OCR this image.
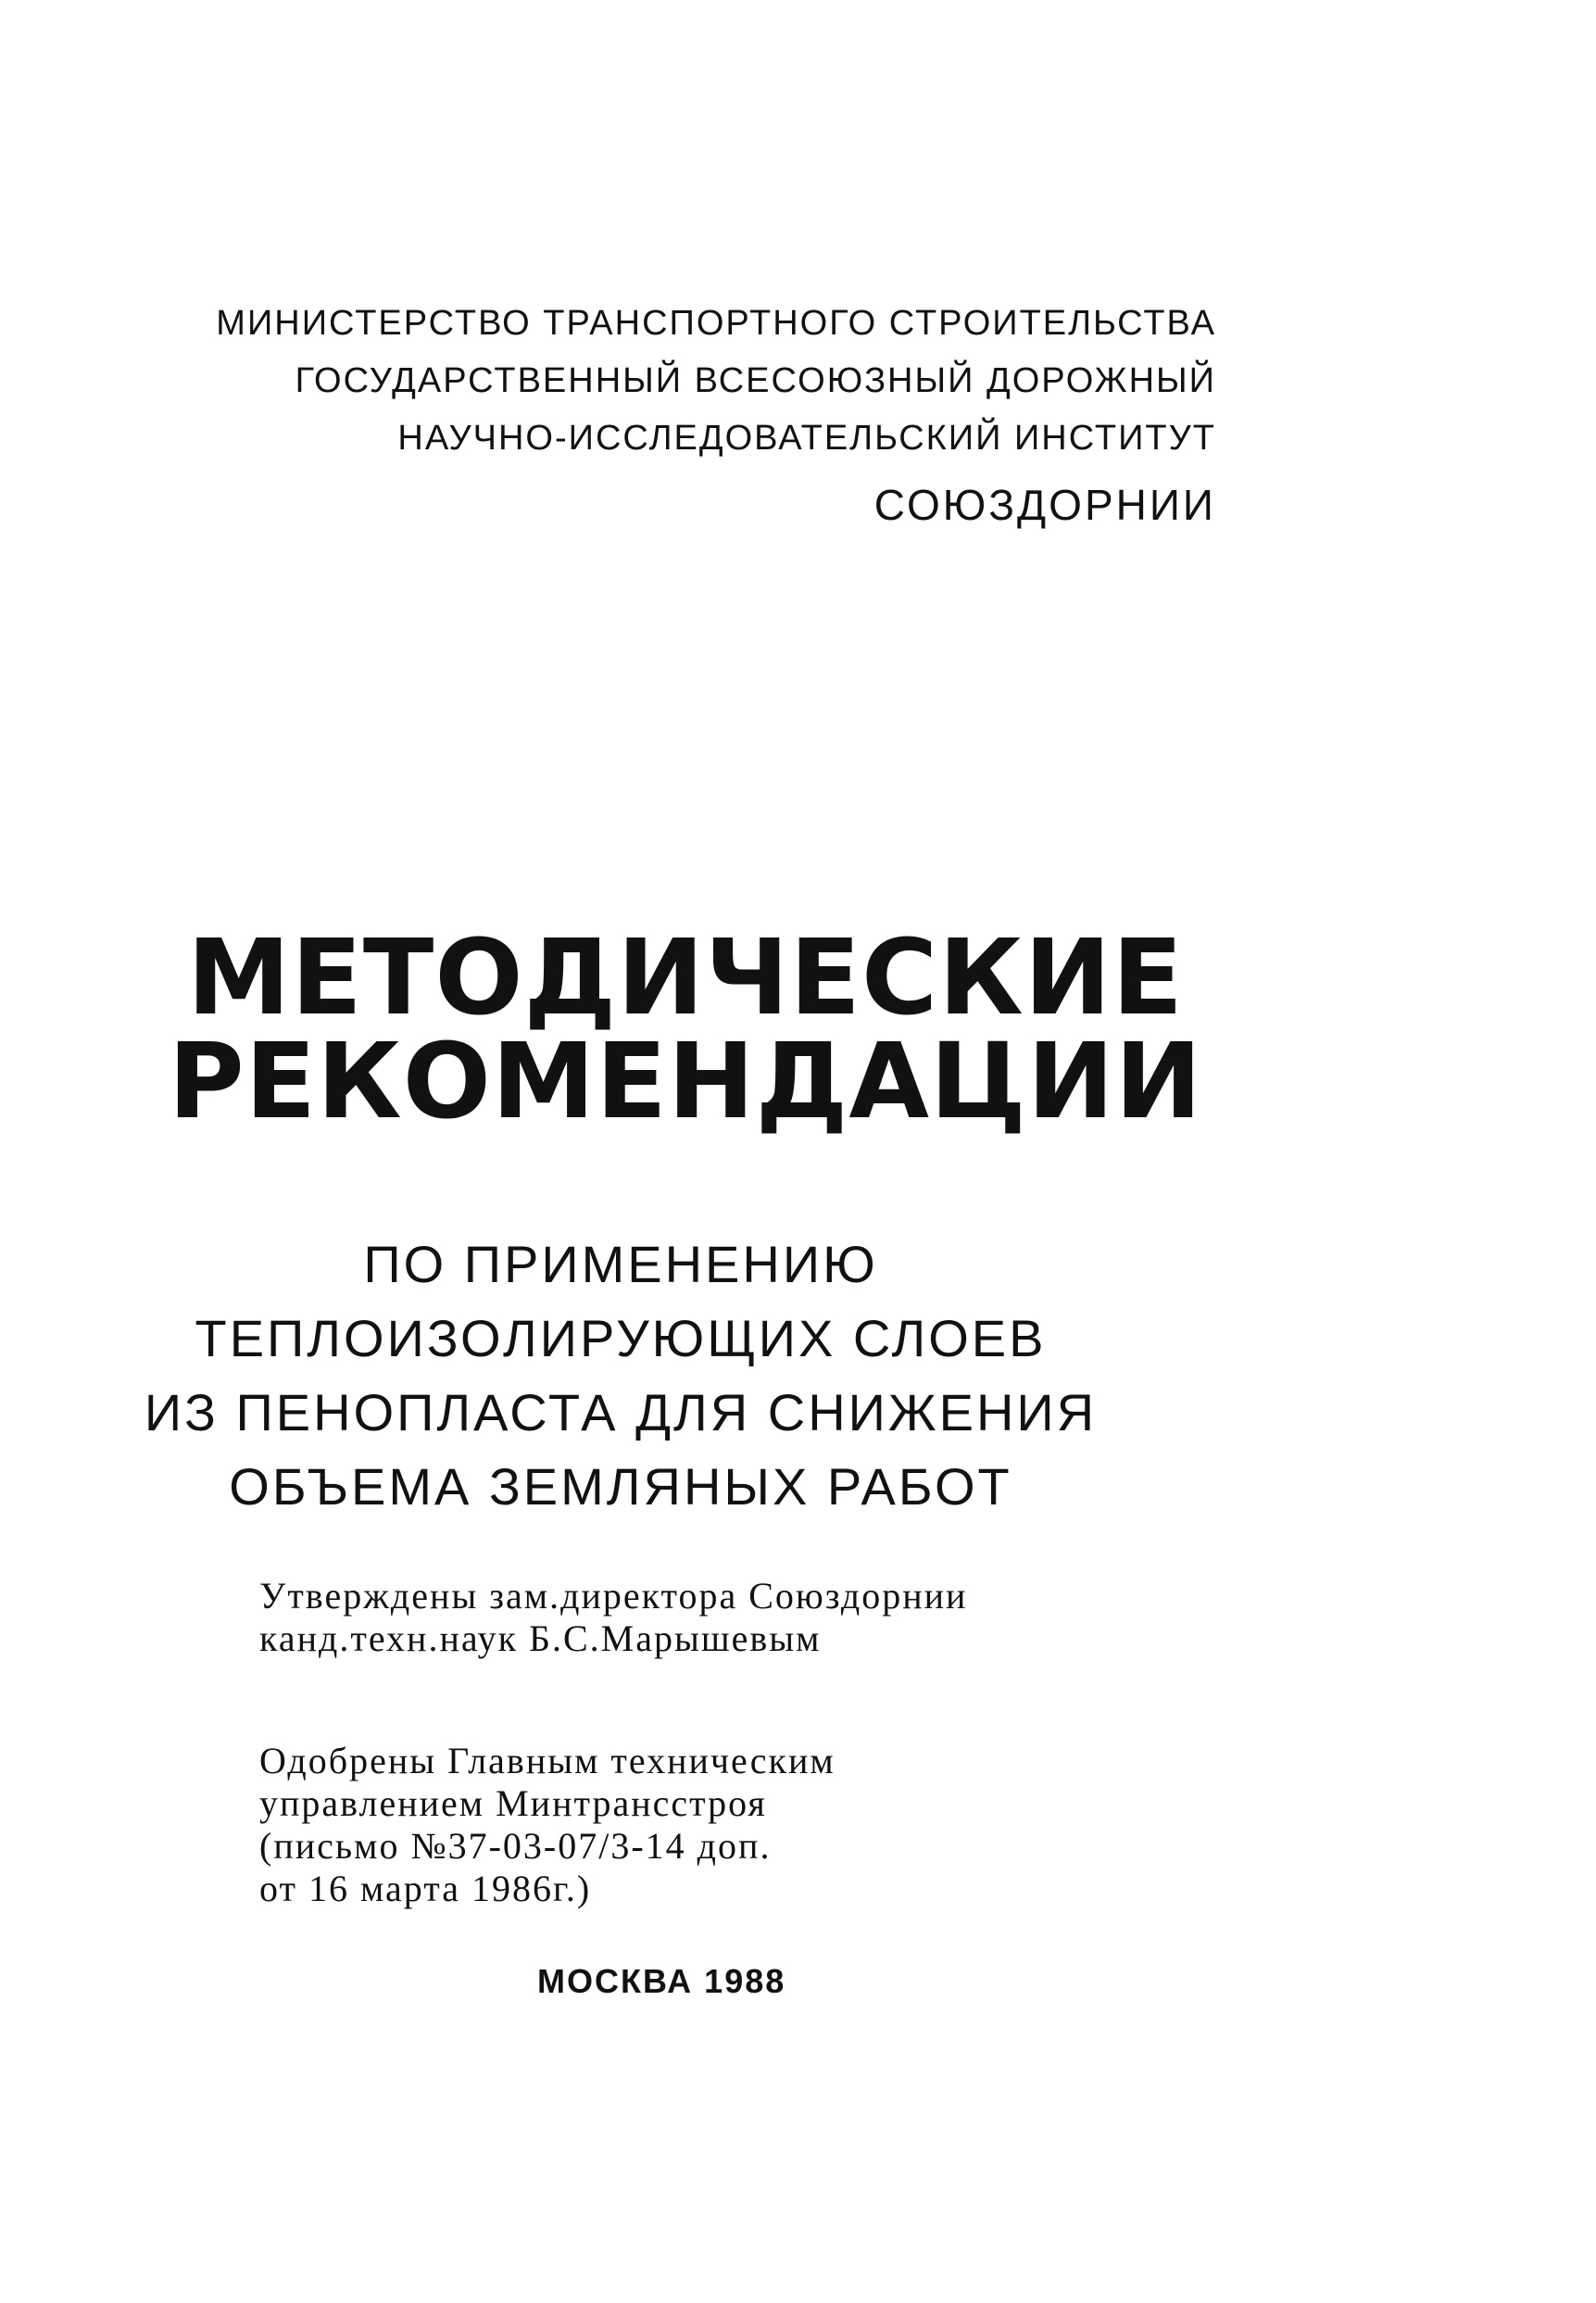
МИНИСТЕРСТВО ТРАНСПОРТНОГО СТРОИТЕЛЬСТВА
ГОСУДАРСТВЕННЫЙ ВСЕСОЮЗНЫЙ ДОРОЖНЫЙ
НАУЧНО-ИССЛЕДОВАТЕЛЬСКИЙ ИНСТИТУТ
СОЮЗДОРНИИ
МЕТОДИЧЕСКИЕ
РЕКОМЕНДАЦИИ
ПО ПРИМЕНЕНИЮ
ТЕПЛОИЗОЛИРУЮЩИХ СЛОЕВ
ИЗ ПЕНОПЛАСТА ДЛЯ СНИЖЕНИЯ
ОБЪЕМА ЗЕМЛЯНЫХ РАБОТ
Утверждены зам.директора Союздорнии
канд.техн.наук Б.С.Марышевым
Одобрены Главным техническим
управлением Минтрансстроя
(письмо №37-03-07/3-14 доп.
от 16 марта 1986г.)
МОСКВА 1988
